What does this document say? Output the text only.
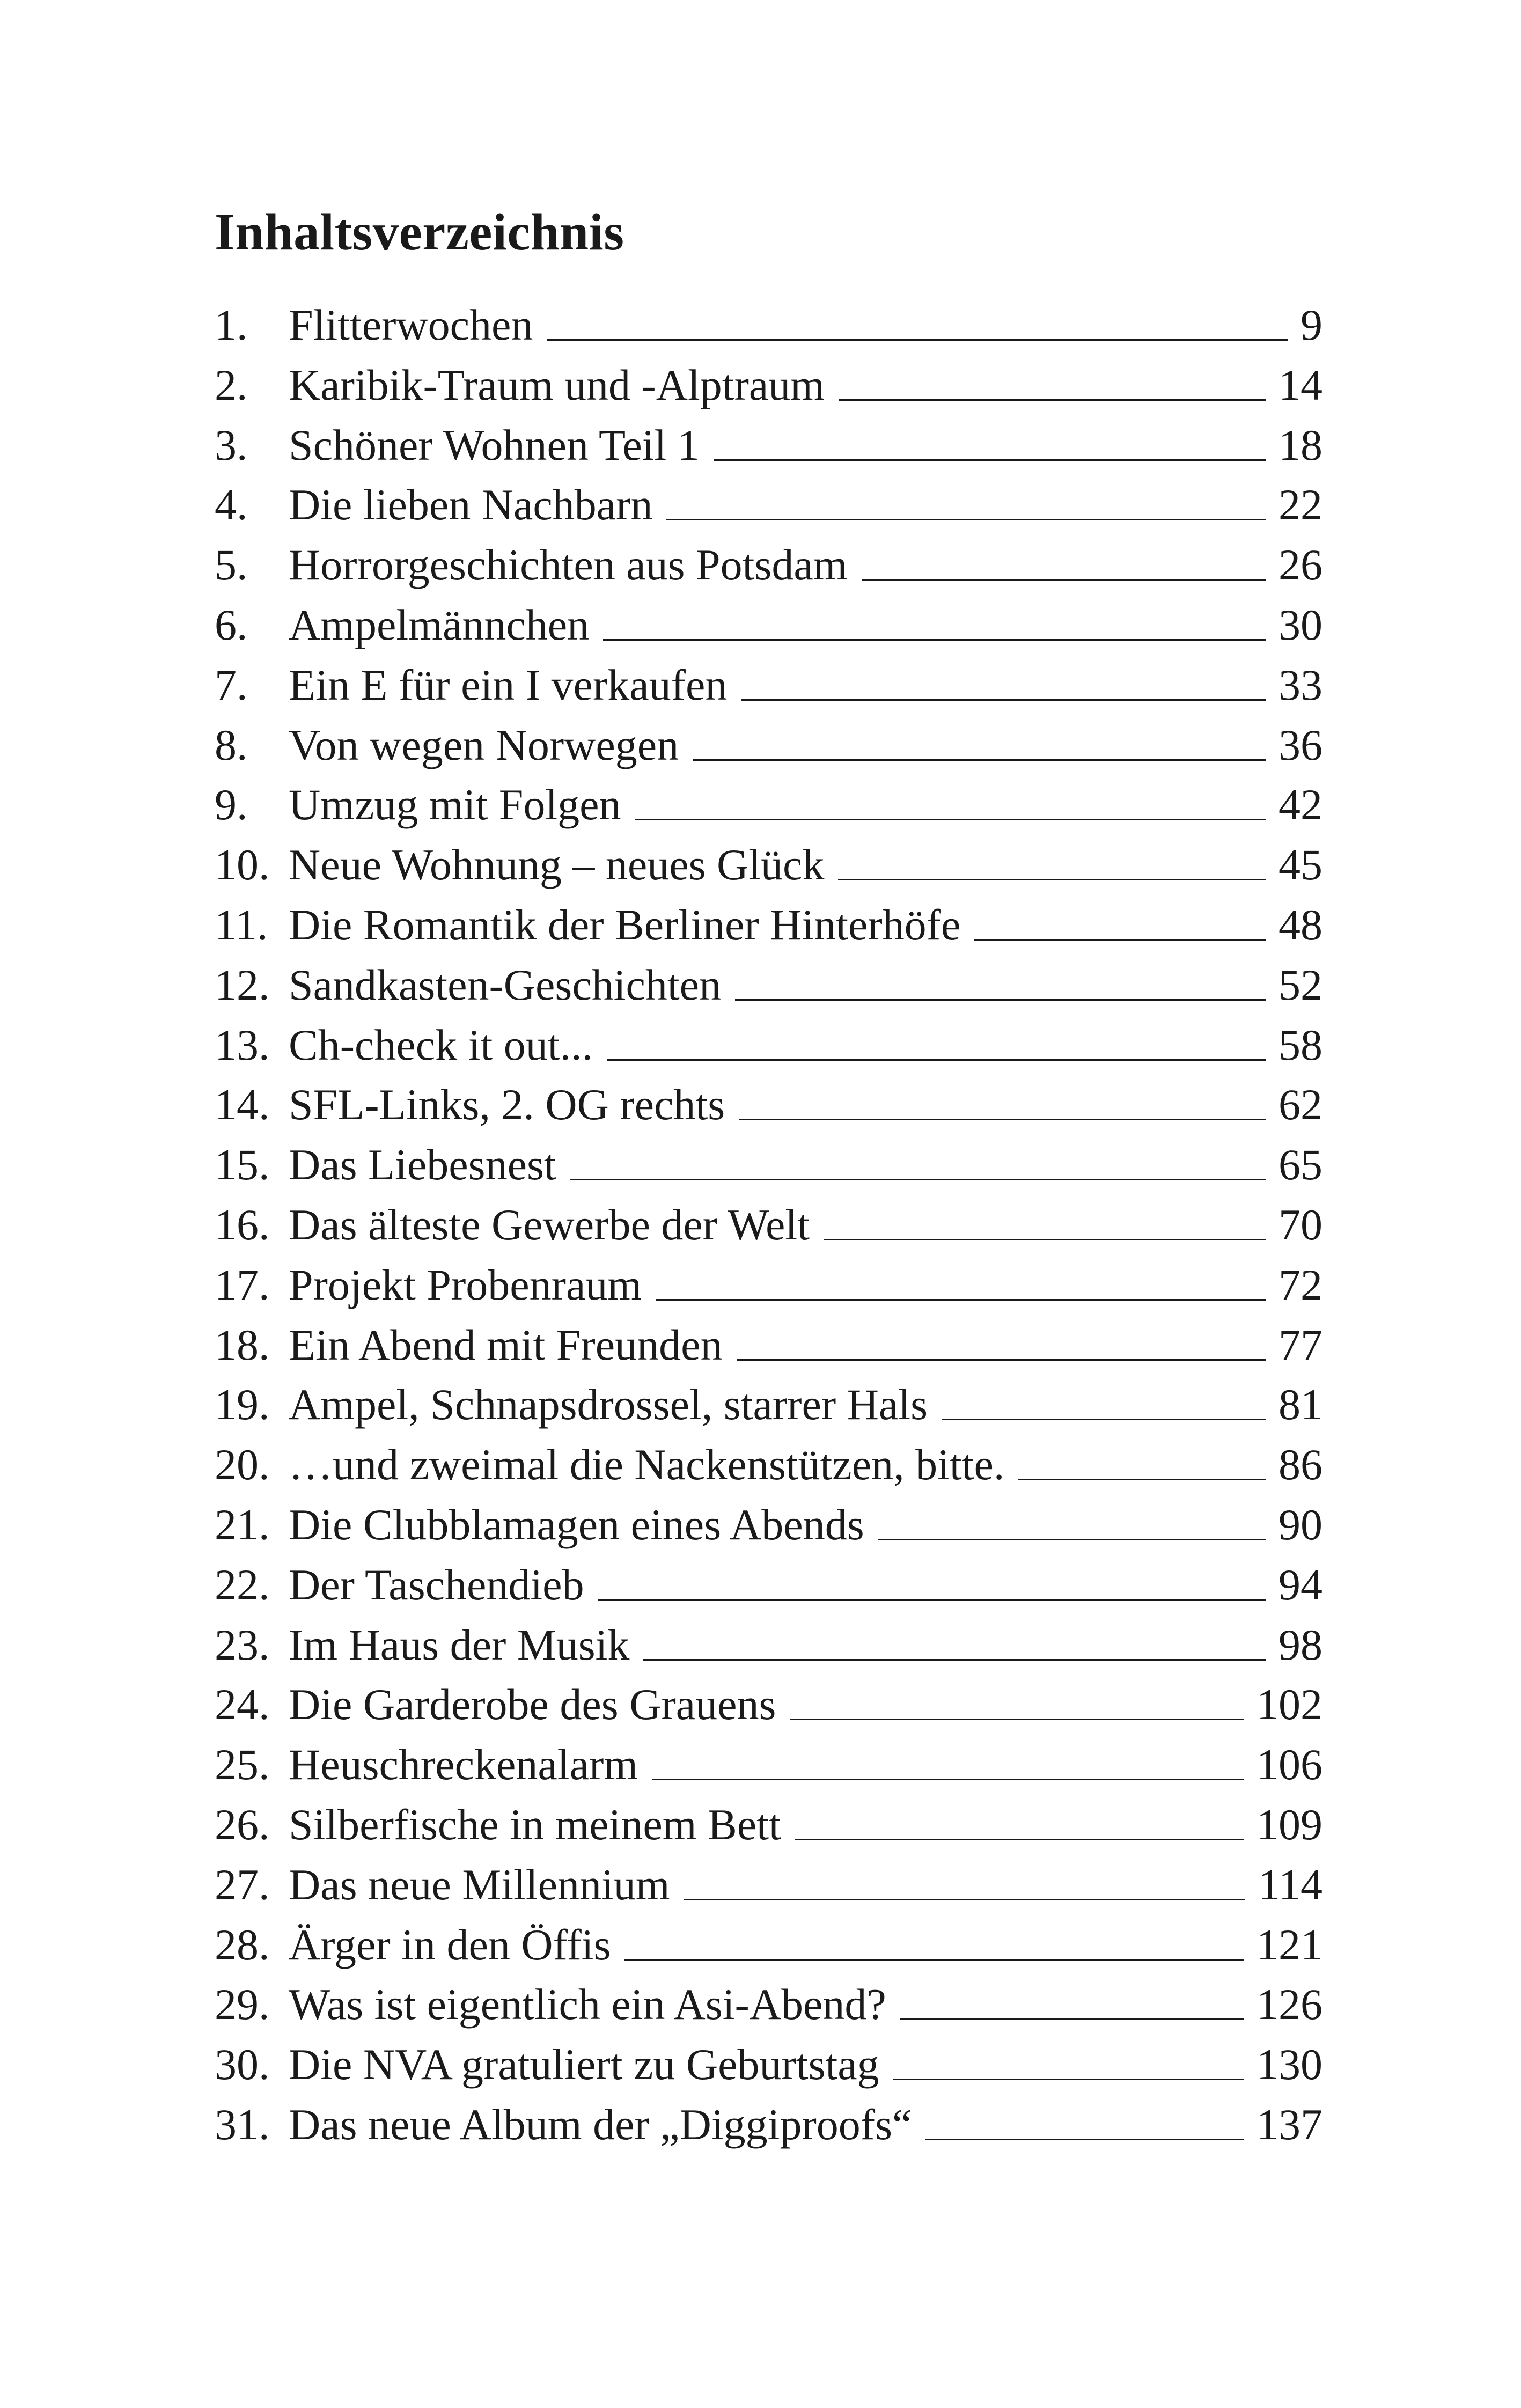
Inhaltsverzeichnis
1. Flitterwochen	9
2. Karibik-Traum und -Alptraum	14
3. Schöner Wohnen Teil 1	18
4. Die lieben Nachbarn	22
5. Horrorgeschichten aus Potsdam	26
6. Ampelmännchen	30
7. Ein E für ein I verkaufen	33
8. Von wegen Norwegen	36
9. Umzug mit Folgen	42
10. Neue Wohnung – neues Glück	45
11. Die Romantik der Berliner Hinterhöfe	48
12. Sandkasten-Geschichten	52
13. Ch-check it out...	58
14. SFL-Links, 2. OG rechts	62
15. Das Liebesnest	65
16. Das älteste Gewerbe der Welt	70
17. Projekt Probenraum	72
18. Ein Abend mit Freunden	77
19. Ampel, Schnapsdrossel, starrer Hals	81
20. …und zweimal die Nackenstützen, bitte.	86
21. Die Clubblamagen eines Abends	90
22. Der Taschendieb	94
23. Im Haus der Musik	98
24. Die Garderobe des Grauens	102
25. Heuschreckenalarm	106
26. Silberfische in meinem Bett	109
27. Das neue Millennium	114
28. Ärger in den Öffis	121
29. Was ist eigentlich ein Asi-Abend?	126
30. Die NVA gratuliert zu Geburtstag	130
31. Das neue Album der „Diggiproofs“	137
